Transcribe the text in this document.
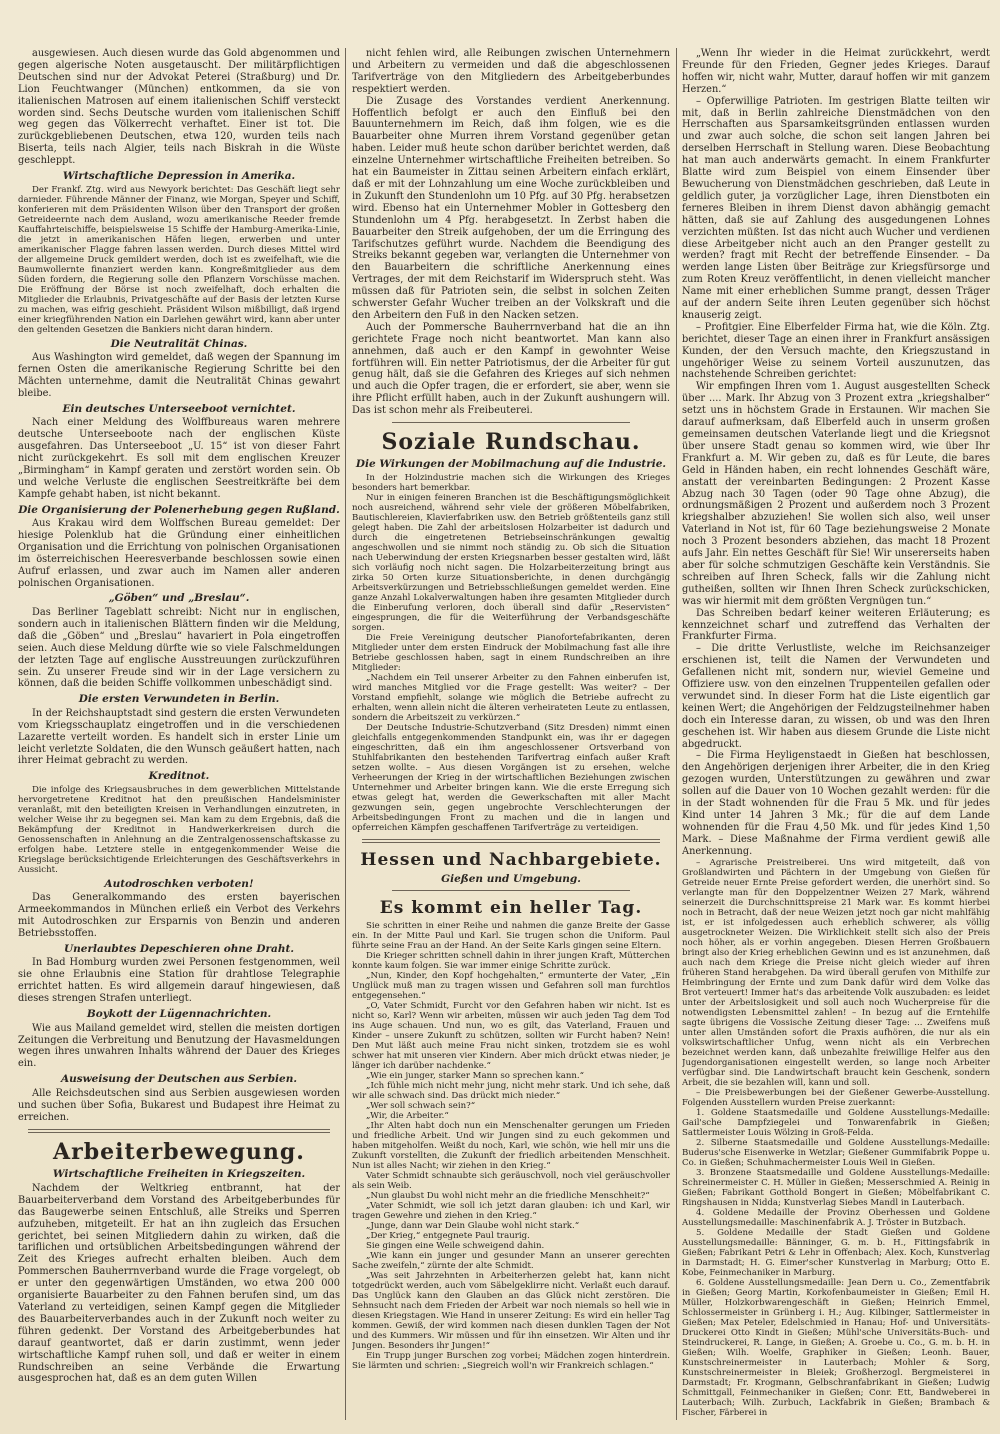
ausgewiesen. Auch diesen wurde das Gold abgenommen und gegen algerische Noten ausgetauscht. Der militärpflichtigen Deutschen sind nur der Advokat Peterei (Straßburg) und Dr. Lion Feuchtwanger (München) entkommen, da sie von italienischen Matrosen auf einem italienischen Schiff versteckt worden sind. Sechs Deutsche wurden vom italienischen Schiff weg gegen das Völkerrecht verhaftet. Einer ist tot. Die zurückgebliebenen Deutschen, etwa 120, wurden teils nach Biserta, teils nach Algier, teils nach Biskrah in die Wüste geschleppt.

Wirtschaftliche Depression in Amerika.

Der Frankf. Ztg. wird aus Newyork berichtet: Das Geschäft liegt sehr darnieder. Führende Männer der Finanz, wie Morgan, Speyer und Schiff, konferieren mit dem Präsidenten Wilson über den Transport der großen Getreideernte nach dem Ausland, wozu amerikanische Reeder fremde Kauffahrteischiffe, beispielsweise 15 Schiffe der Hamburg-Amerika-Linie, die jetzt in amerikanischen Häfen liegen, erwerben und unter amerikanischer Flagge fahren lassen werden. Durch dieses Mittel wird der allgemeine Druck gemildert werden, doch ist es zweifelhaft, wie die Baumwollernte finanziert werden kann. Kongreßmitglieder aus dem Süden fordern, die Regierung solle den Pflanzern Vorschüsse machen. Die Eröffnung der Börse ist noch zweifelhaft, doch erhalten die Mitglieder die Erlaubnis, Privatgeschäfte auf der Basis der letzten Kurse zu machen, was eifrig geschieht. Präsident Wilson mißbilligt, daß irgend einer kriegführenden Nation ein Darlehen gewährt wird, kann aber unter den geltenden Gesetzen die Bankiers nicht daran hindern.

Die Neutralität Chinas.

Aus Washington wird gemeldet, daß wegen der Spannung im fernen Osten die amerikanische Regierung Schritte bei den Mächten unternehme, damit die Neutralität Chinas gewahrt bleibe.

Ein deutsches Unterseeboot vernichtet.

Nach einer Meldung des Wolffbureaus waren mehrere deutsche Unterseeboote nach der englischen Küste ausgefahren. Das Unterseeboot „U. 15“ ist von dieser Fahrt nicht zurückgekehrt. Es soll mit dem englischen Kreuzer „Birmingham“ in Kampf geraten und zerstört worden sein. Ob und welche Verluste die englischen Seestreitkräfte bei dem Kampfe gehabt haben, ist nicht bekannt.

Die Organisierung der Polenerhebung gegen Rußland.

Aus Krakau wird dem Wolffschen Bureau gemeldet: Der hiesige Polenklub hat die Gründung einer einheitlichen Organisation und die Errichtung von polnischen Organisationen im österreichischen Heeresverbande beschlossen sowie einen Aufruf erlassen, und zwar auch im Namen aller anderen polnischen Organisationen.

„Göben“ und „Breslau“.

Das Berliner Tageblatt schreibt: Nicht nur in englischen, sondern auch in italienischen Blättern finden wir die Meldung, daß die „Göben“ und „Breslau“ havariert in Pola eingetroffen seien. Auch diese Meldung dürfte wie so viele Falschmeldungen der letzten Tage auf englische Ausstreuungen zurückzuführen sein. Zu unserer Freude sind wir in der Lage versichern zu können, daß die beiden Schiffe vollkommen unbeschädigt sind.

Die ersten Verwundeten in Berlin.

In der Reichshauptstadt sind gestern die ersten Verwundeten vom Kriegsschauplatz eingetroffen und in die verschiedenen Lazarette verteilt worden. Es handelt sich in erster Linie um leicht verletzte Soldaten, die den Wunsch geäußert hatten, nach ihrer Heimat gebracht zu werden.

Kreditnot.

Die infolge des Kriegsausbruches in dem gewerblichen Mittelstande hervorgetretene Kreditnot hat den preußischen Handelsminister veranlaßt, mit den beteiligten Kreisen in Verhandlungen einzutreten, in welcher Weise ihr zu begegnen sei. Man kam zu dem Ergebnis, daß die Bekämpfung der Kreditnot in Handwerkerkreisen durch die Genossenschaften in Anlehnung an die Zentralgenossenschaftskasse zu erfolgen habe. Letztere stelle in entgegenkommender Weise die Kriegslage berücksichtigende Erleichterungen des Geschäftsverkehrs in Aussicht.

Autodroschken verboten!

Das Generalkommando des ersten bayerischen Armeekommandos in München erließ ein Verbot des Verkehrs mit Autodroschken zur Ersparnis von Benzin und anderen Betriebsstoffen.

Unerlaubtes Depeschieren ohne Draht.

In Bad Homburg wurden zwei Personen festgenommen, weil sie ohne Erlaubnis eine Station für drahtlose Telegraphie errichtet hatten. Es wird allgemein darauf hingewiesen, daß dieses strengen Strafen unterliegt.

Boykott der Lügennachrichten.

Wie aus Mailand gemeldet wird, stellen die meisten dortigen Zeitungen die Verbreitung und Benutzung der Havasmeldungen wegen ihres unwahren Inhalts während der Dauer des Krieges ein.

Ausweisung der Deutschen aus Serbien.

Alle Reichsdeutschen sind aus Serbien ausgewiesen worden und suchen über Sofia, Bukarest und Budapest ihre Heimat zu erreichen.

Arbeiterbewegung.
Wirtschaftliche Freiheiten in Kriegszeiten.

Nachdem der Weltkrieg entbrannt, hat der Bauarbeiterverband dem Vorstand des Arbeitgeberbundes für das Baugewerbe seinen Entschluß, alle Streiks und Sperren aufzuheben, mitgeteilt. Er hat an ihn zugleich das Ersuchen gerichtet, bei seinen Mitgliedern dahin zu wirken, daß die tariflichen und ortsüblichen Arbeitsbedingungen während der Zeit des Krieges aufrecht erhalten bleiben. Auch dem Pommerschen Bauherrnverband wurde die Frage vorgelegt, ob er unter den gegenwärtigen Umständen, wo etwa 200 000 organisierte Bauarbeiter zu den Fahnen berufen sind, um das Vaterland zu verteidigen, seinen Kampf gegen die Mitglieder des Bauarbeiterverbandes auch in der Zukunft noch weiter zu führen gedenkt. Der Vorstand des Arbeitgeberbundes hat darauf geantwortet, daß er darin zustimmt, wenn jeder wirtschaftliche Kampf ruhen soll, und daß er weiter in einem Rundschreiben an seine Verbände die Erwartung ausgesprochen hat, daß es an dem guten Willen

nicht fehlen wird, alle Reibungen zwischen Unternehmern und Arbeitern zu vermeiden und daß die abgeschlossenen Tarifverträge von den Mitgliedern des Arbeitgeberbundes respektiert werden.

Die Zusage des Vorstandes verdient Anerkennung. Hoffentlich befolgt er auch den Einfluß bei den Bauunternehmern im Reich, daß ihm folgen, wie es die Bauarbeiter ohne Murren ihrem Vorstand gegenüber getan haben. Leider muß heute schon darüber berichtet werden, daß einzelne Unternehmer wirtschaftliche Freiheiten betreiben. So hat ein Baumeister in Zittau seinen Arbeitern einfach erklärt, daß er mit der Lohnzahlung um eine Woche zurückbleiben und in Zukunft den Stundenlohn um 10 Pfg. auf 30 Pfg. herabsetzen wird. Ebenso hat ein Unternehmer Mobler in Gottesberg den Stundenlohn um 4 Pfg. herabgesetzt. In Zerbst haben die Bauarbeiter den Streik aufgehoben, der um die Erringung des Tarifschutzes geführt wurde. Nachdem die Beendigung des Streiks bekannt gegeben war, verlangten die Unternehmer von den Bauarbeitern die schriftliche Anerkennung eines Vertrages, der mit dem Reichstarif im Widerspruch steht. Was müssen daß für Patrioten sein, die selbst in solchen Zeiten schwerster Gefahr Wucher treiben an der Volkskraft und die den Arbeitern den Fuß in den Nacken setzen.

Auch der Pommersche Bauherrnverband hat die an ihn gerichtete Frage noch nicht beantwortet. Man kann also annehmen, daß auch er den Kampf in gewohnter Weise fortführen will. Ein netter Patriotismus, der die Arbeiter für gut genug hält, daß sie die Gefahren des Krieges auf sich nehmen und auch die Opfer tragen, die er erfordert, sie aber, wenn sie ihre Pflicht erfüllt haben, auch in der Zukunft aushungern will. Das ist schon mehr als Freibeuterei.

Soziale Rundschau.
Die Wirkungen der Mobilmachung auf die Industrie.

In der Holzindustrie machen sich die Wirkungen des Krieges besonders hart bemerkbar.

Nur in einigen feineren Branchen ist die Beschäftigungsmöglichkeit noch ausreichend, während sehr viele der größeren Möbelfabriken, Bautischlereien, Klavierfabriken usw. den Betrieb größtenteils ganz still gelegt haben. Die Zahl der arbeitslosen Holzarbeiter ist dadurch und durch die eingetretenen Betriebseinschränkungen gewaltig angeschwollen und sie nimmt noch ständig zu. Ob sich die Situation nach Ueberwindung der ersten Kriegsnarben besser gestalten wird, läßt sich vorläufig noch nicht sagen. Die Holzarbeiterzeitung bringt aus zirka 50 Orten kurze Situationsberichte, in denen durchgängig Arbeitsverkürzungen und Betriebsschließungen gemeldet werden. Eine ganze Anzahl Lokalverwaltungen haben ihre gesamten Mitglieder durch die Einberufung verloren, doch überall sind dafür „Reservisten“ eingesprungen, die für die Weiterführung der Verbandsgeschäfte sorgen.

Die Freie Vereinigung deutscher Pianofortefabrikanten, deren Mitglieder unter dem ersten Eindruck der Mobilmachung fast alle ihre Betriebe geschlossen haben, sagt in einem Rundschreiben an ihre Mitglieder:

„Nachdem ein Teil unserer Arbeiter zu den Fahnen einberufen ist, wird manches Mitglied vor die Frage gestellt: Was weiter? – Der Vorstand empfiehlt, solange wie möglich die Betriebe aufrecht zu erhalten, wenn allein nicht die älteren verheirateten Leute zu entlassen, sondern die Arbeitszeit zu verkürzen.“

Der Deutsche Industrie-Schutzverband (Sitz Dresden) nimmt einen gleichfalls entgegenkommenden Standpunkt ein, was ihr er dagegen eingeschritten, daß ein ihm angeschlossener Ortsverband von Stuhlfabrikanten den bestehenden Tarifvertrag einfach außer Kraft setzen wollte. – Aus diesen Vorgängen ist zu ersehen, welche Verheerungen der Krieg in der wirtschaftlichen Beziehungen zwischen Unternehmer und Arbeiter bringen kann. Wie die erste Erregung sich etwas gelegt hat, werden die Gewerkschaften mit aller Macht gezwungen sein, gegen ungebrochte Verschlechterungen der Arbeitsbedingungen Front zu machen und die in langen und opferreichen Kämpfen geschaffenen Tarifverträge zu verteidigen.

Hessen und Nachbargebiete.
Gießen und Umgebung.
Es kommt ein heller Tag.

Sie schritten in einer Reihe und nahmen die ganze Breite der Gasse ein. In der Mitte Paul und Karl. Sie trugen schon die Uniform. Paul führte seine Frau an der Hand. An der Seite Karls gingen seine Eltern.

Die Krieger schritten schnell dahin in ihrer jungen Kraft, Mütterchen konnte kaum folgen. Sie war immer einige Schritte zurück.

„Nun, Kinder, den Kopf hochgehalten,“ ermunterte der Vater, „Ein Unglück muß man zu tragen wissen und Gefahren soll man furchtlos entgegensehen.“

„O, Vater Schmidt, Furcht vor den Gefahren haben wir nicht. Ist es nicht so, Karl? Wenn wir arbeiten, müssen wir auch jeden Tag dem Tod ins Auge schauen. Und nun, wo es gilt, das Vaterland, Frauen und Kinder – unsere Zukunft zu schützen, sollten wir Furcht haben? Nein! Den Mut läßt auch meine Frau nicht sinken, trotzdem sie es wohl schwer hat mit unseren vier Kindern. Aber mich drückt etwas nieder, je länger ich darüber nachdenke.“

„Wie ein junger, starker Mann so sprechen kann.“

„Ich fühle mich nicht mehr jung, nicht mehr stark. Und ich sehe, daß wir alle schwach sind. Das drückt mich nieder.“

„Wer soll schwach sein?“

„Wir, die Arbeiter.“

„Ihr Alten habt doch nun ein Menschenalter gerungen um Frieden und friedliche Arbeit. Und wir Jungen sind zu euch gekommen und haben mitgeholfen. Weißt du noch, Karl, wie schön, wie hell mir uns die Zukunft vorstellten, die Zukunft der friedlich arbeitenden Menschheit. Nun ist alles Nacht; wir ziehen in den Krieg.“

Vater Schmidt schnaubte sich geräuschvoll, noch viel geräuschvoller als sein Weib.

„Nun glaubst Du wohl nicht mehr an die friedliche Menschheit?“

„Vater Schmidt, wie soll ich jetzt daran glauben: ich und Karl, wir tragen Gewehre und ziehen in den Krieg.“

„Junge, dann war Dein Glaube wohl nicht stark.“

„Der Krieg,“ entgegnete Paul traurig.

Sie gingen eine Weile schweigend dahin.

„Wie kann ein junger und gesunder Mann an unserer gerechten Sache zweifeln,“ zürnte der alte Schmidt.

„Was seit Jahrzehnten in Arbeiterherzen gelebt hat, kann nicht totgedrückt werden, auch vom Säbelgeklirre nicht. Verlaßt euch darauf. Das Unglück kann den Glauben an das Glück nicht zerstören. Die Sehnsucht nach dem Frieden der Arbeit war noch niemals so hell wie in diesen Kriegstagen. Wie Hand in unserer Zeitung: Es wird ein heller Tag kommen. Gewiß, der wird kommen nach diesen dunklen Tagen der Not und des Kummers. Wir müssen und für ihn einsetzen. Wir Alten und ihr Jungen. Besonders ihr Jungen!“

Ein Trupp junger Burschen zog vorbei; Mädchen zogen hinterdrein. Sie lärmten und schrien: „Siegreich woll'n wir Frankreich schlagen.“

„Wenn Ihr wieder in die Heimat zurückkehrt, werdt Freunde für den Frieden, Gegner jedes Krieges. Darauf hoffen wir, nicht wahr, Mutter, darauf hoffen wir mit ganzem Herzen.“

– Opferwillige Patrioten. Im gestrigen Blatte teilten wir mit, daß in Berlin zahlreiche Dienstmädchen von den Herrschaften aus Sparsamkeitsgründen entlassen wurden und zwar auch solche, die schon seit langen Jahren bei derselben Herrschaft in Stellung waren. Diese Beobachtung hat man auch anderwärts gemacht. In einem Frankfurter Blatte wird zum Beispiel von einem Einsender über Bewucherung von Dienstmädchen geschrieben, daß Leute in geldlich guter, ja vorzüglicher Lage, ihren Dienstboten ein ferneres Bleiben in ihrem Dienst davon abhängig gemacht hätten, daß sie auf Zahlung des ausgedungenen Lohnes verzichten müßten. Ist das nicht auch Wucher und verdienen diese Arbeitgeber nicht auch an den Pranger gestellt zu werden? fragt mit Recht der betreffende Einsender. – Da werden lange Listen über Beiträge zur Kriegsfürsorge und zum Roten Kreuz veröffentlicht, in denen vielleicht mancher Name mit einer erheblichen Summe prangt, dessen Träger auf der andern Seite ihren Leuten gegenüber sich höchst knauserig zeigt.

– Profitgier. Eine Elberfelder Firma hat, wie die Köln. Ztg. berichtet, dieser Tage an einen ihrer in Frankfurt ansässigen Kunden, der den Versuch machte, den Kriegszustand in ungehöriger Weise zu seinem Vorteil auszunutzen, das nachstehende Schreiben gerichtet:

Wir empfingen Ihren vom 1. August ausgestellten Scheck über .... Mark. Ihr Abzug von 3 Prozent extra „kriegshalber“ setzt uns in höchstem Grade in Erstaunen. Wir machen Sie darauf aufmerksam, daß Elberfeld auch in unserm großen gemeinsamen deutschen Vaterlande liegt und die Kriegsnot über unsere Stadt genau so kommen wird, wie über Ihr Frankfurt a. M. Wir geben zu, daß es für Leute, die bares Geld in Händen haben, ein recht lohnendes Geschäft wäre, anstatt der vereinbarten Bedingungen: 2 Prozent Kasse Abzug nach 30 Tagen (oder 90 Tage ohne Abzug), die ordnungsmäßigen 2 Prozent und außerdem noch 3 Prozent kriegshalber abzuziehen! Sie wollen sich also, weil unser Vaterland in Not ist, für 60 Tage beziehungsweise 2 Monate noch 3 Prozent besonders abziehen, das macht 18 Prozent aufs Jahr. Ein nettes Geschäft für Sie! Wir unsererseits haben aber für solche schmutzigen Geschäfte kein Verständnis. Sie schreiben auf Ihren Scheck, falls wir die Zahlung nicht gutheißen, sollten wir Ihnen Ihren Scheck zurückschicken, was wir hiermit mit dem größten Vergnügen tun.“

Das Schreiben bedarf keiner weiteren Erläuterung; es kennzeichnet scharf und zutreffend das Verhalten der Frankfurter Firma.

– Die dritte Verlustliste, welche im Reichsanzeiger erschienen ist, teilt die Namen der Verwundeten und Gefallenen nicht mit, sondern nur, wieviel Gemeine und Offiziere usw. von den einzelnen Truppenteilen gefallen oder verwundet sind. In dieser Form hat die Liste eigentlich gar keinen Wert; die Angehörigen der Feldzugsteilnehmer haben doch ein Interesse daran, zu wissen, ob und was den Ihren geschehen ist. Wir haben aus diesem Grunde die Liste nicht abgedruckt.

– Die Firma Heyligenstaedt in Gießen hat beschlossen, den Angehörigen derjenigen ihrer Arbeiter, die in den Krieg gezogen wurden, Unterstützungen zu gewähren und zwar sollen auf die Dauer von 10 Wochen gezahlt werden: für die in der Stadt wohnenden für die Frau 5 Mk. und für jedes Kind unter 14 Jahren 3 Mk.; für die auf dem Lande wohnenden für die Frau 4,50 Mk. und für jedes Kind 1,50 Mark. – Diese Maßnahme der Firma verdient gewiß alle Anerkennung.

– Agrarische Preistreiberei. Uns wird mitgeteilt, daß von Großlandwirten und Pächtern in der Umgebung von Gießen für Getreide neuer Ernte Preise gefordert werden, die unerhört sind. So verlangte man für den Doppelzentner Weizen 27 Mark, während seinerzeit die Durchschnittspreise 21 Mark war. Es kommt hierbei noch in Betracht, daß der neue Weizen jetzt noch gar nicht mahlfähig ist, er ist infolgedessen auch erheblich schwerer, als völlig ausgetrockneter Weizen. Die Wirklichkeit stellt sich also der Preis noch höher, als er vorhin angegeben. Diesen Herren Großbauern bringt also der Krieg erheblichen Gewinn und es ist anzunehmen, daß auch nach dem Kriege die Preise nicht gleich wieder auf ihren früheren Stand herabgehen. Da wird überall gerufen von Mithilfe zur Heimbringung der Ernte und zum Dank dafür wird dem Volke das Brot verteuert! Immer hat's das arbeitende Volk auszubaden: es leidet unter der Arbeitslosigkeit und soll auch noch Wucherpreise für die notwendigsten Lebensmittel zahlen! – In bezug auf die Erntehilfe sagte übrigens die Vossische Zeitung dieser Tage: ... Zweifens muß unter allen Umständen sofort die Praxis aufhören, die nur als ein volkswirtschaftlicher Unfug, wenn nicht als ein Verbrechen bezeichnet werden kann, daß unbezahlte freiwillige Helfer aus den Jugendorganisationen eingestellt werden, so lange noch Arbeiter verfügbar sind. Die Landwirtschaft braucht kein Geschenk, sondern Arbeit, die sie bezahlen will, kann und soll.

– Die Preisbewerbungen bei der Gießener Gewerbe-Ausstellung. Folgenden Ausstellern wurden Preise zuerkannt:

1. Goldene Staatsmedaille und Goldene Ausstellungs-Medaille: Gail'sche Dampfziegelei und Tonwarenfabrik in Gießen; Sattlermeister Louis Wölzing in Groß-Felda.

2. Silberne Staatsmedaille und Goldene Ausstellungs-Medaille: Buderus'sche Eisenwerke in Wetzlar; Gießener Gummifabrik Poppe u. Co. in Gießen; Schuhmachermeister Louis Weil in Gießen.

3. Bronzene Staatsmedaille und Goldene Ausstellungs-Medaille: Schreinermeister C. H. Müller in Gießen; Messerschmied A. Reinig in Gießen; Fabrikant Gotthold Bongert in Gießen; Möbelfabrikant C. Ringshausen in Nidda; Kunstverlag Siebes Mandl in Lauterbach.

4. Goldene Medaille der Provinz Oberhessen und Goldene Ausstellungsmedaille: Maschinenfabrik A. J. Tröster in Butzbach.

5. Goldene Medaille der Stadt Gießen und Goldene Ausstellungsmedaille: Bänninger, G. m. b. H., Fittingsfabrik in Gießen; Fabrikant Petri & Lehr in Offenbach; Alex. Koch, Kunstverlag in Darmstadt; H. G. Eimer'scher Kunstverlag in Marburg; Otto E. Kobe, Feinmechaniker in Marburg.

6. Goldene Ausstellungsmedaille: Jean Dern u. Co., Zementfabrik in Gießen; Georg Martin, Korkofenbaumeister in Gießen; Emil H. Müller, Holzkorbwarengeschäft in Gießen; Heinrich Emmel, Schlossermeister in Grünberg i. H.; Aug. Kilbinger, Sattlermeister in Gießen; Max Peteler, Edelschmied in Hanau; Hof- und Universitäts-Druckerei Otto Kindt in Gießen; Mühl'sche Universitäts-Buch- und Steindruckerei, R. Lange, in Gießen; A. Groebe u. Co., G. m. b. H. in Gießen; Wilh. Woelfe, Graphiker in Gießen; Leonh. Bauer, Kunstschreinermeister in Lauterbach; Mohler & Sorg, Kunstschreinermeister in Bleiek; Großherzogl. Bergmeisterei in Darmstadt; Fr. Krogmann, Gelbschranfabrikant in Gießen; Ludwig Schmittgall, Feinmechaniker in Gießen; Conr. Ett, Bandweberei in Lauterbach; Wilh. Zurbuch, Lackfabrik in Gießen; Brambach & Fischer, Färberei in
